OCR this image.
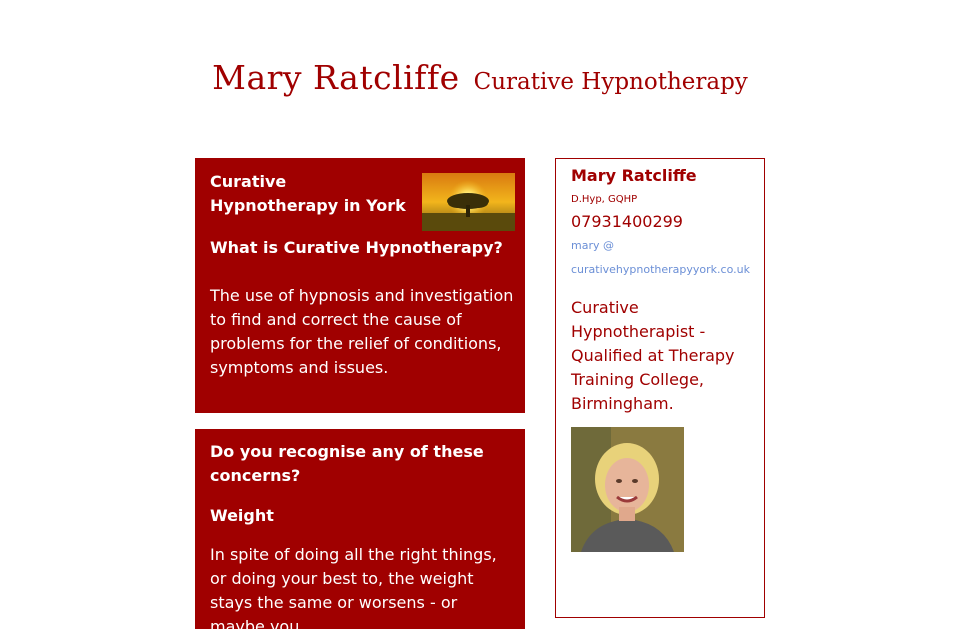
Mary Ratcliffe Curative Hypnotherapy
Curative Hypnotherapy in York
What is Curative Hypnotherapy?
The use of hypnosis and investigation to find and correct the cause of problems for the relief of conditions, symptoms and issues.
Do you recognise any of these concerns?
Weight
In spite of doing all the right things, or doing your best to, the weight stays the same or worsens - or maybe you
Mary Ratcliffe
D.Hyp, GQHP
07931400299
mary @
curativehypnotherapyyork.co.uk
Curative Hypnotherapist - Qualified at Therapy Training College, Birmingham.
